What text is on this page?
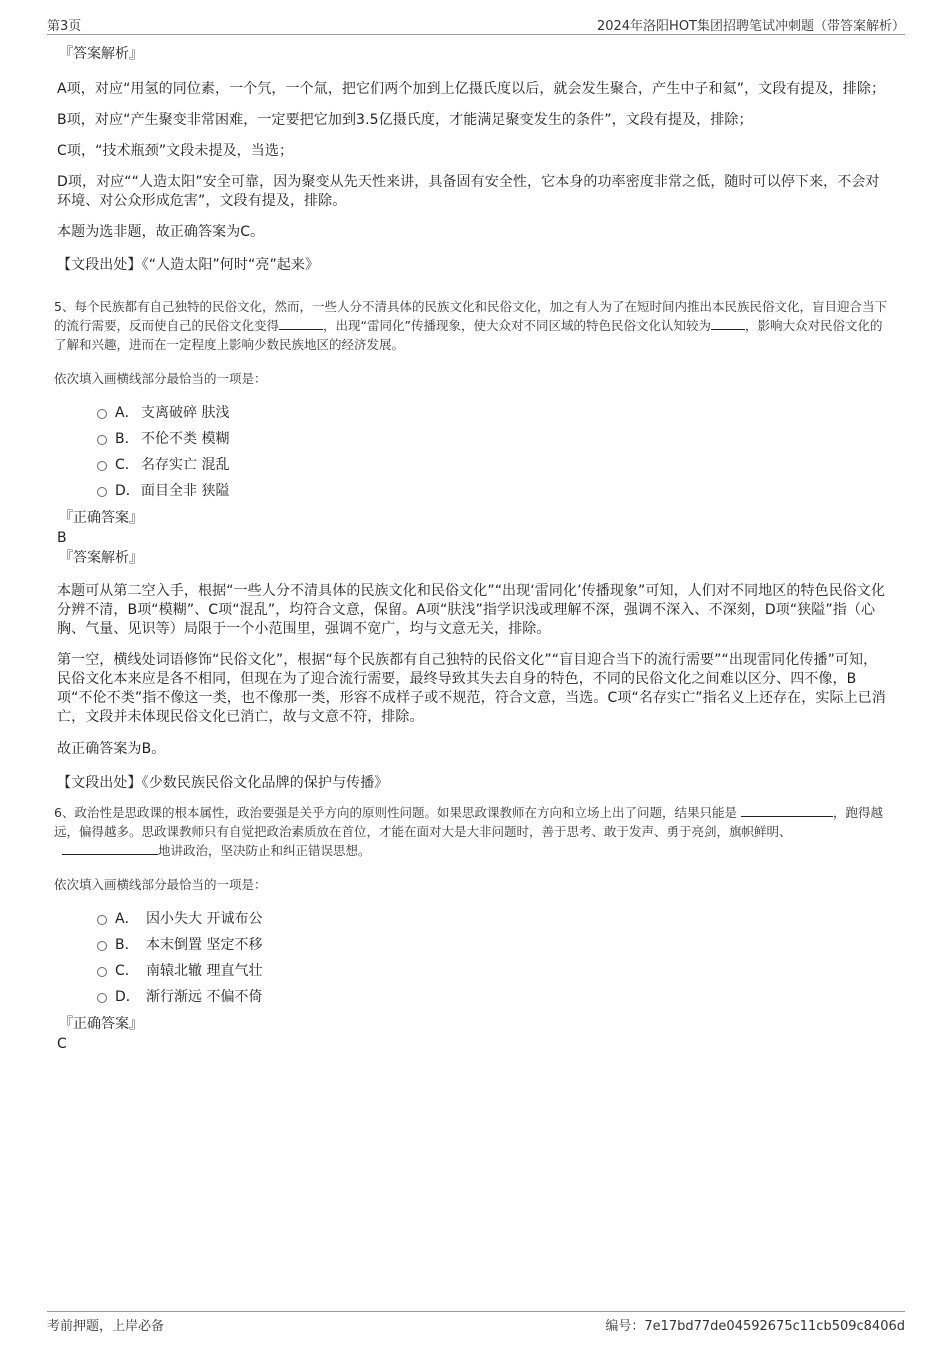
第3页	2024年洛阳HOT集团招聘笔试冲刺题（带答案解析）

『答案解析』

A项，对应“用氢的同位素，一个氕，一个氚，把它们两个加到上亿摄氏度以后，就会发生聚合，产生中子和氦”，文段有提及，排除；

B项，对应“产生聚变非常困难，一定要把它加到3.5亿摄氏度，才能满足聚变发生的条件”，文段有提及，排除；

C项，“技术瓶颈”文段未提及，当选；

D项，对应““人造太阳”安全可靠，因为聚变从先天性来讲，具备固有安全性，它本身的功率密度非常之低，随时可以停下来，不会对环境、对公众形成危害”，文段有提及，排除。

本题为选非题，故正确答案为C。

【文段出处】《“人造太阳”何时“亮”起来》

5、每个民族都有自己独特的民俗文化，然而，一些人分不清具体的民族文化和民俗文化，加之有人为了在短时间内推出本民族民俗文化，盲目迎合当下的流行需要，反而使自己的民俗文化变得	，出现“雷同化”传播现象，使大众对不同区域的特色民俗文化认知较为	，影响大众对民俗文化的了解和兴趣，进而在一定程度上影响少数民族地区的经济发展。

依次填入画横线部分最恰当的一项是：

A． 支离破碎 肤浅
B． 不伦不类 模糊
C． 名存实亡 混乱
D．面目全非 狭隘

『正确答案』

B

『答案解析』

本题可从第二空入手，根据“一些人分不清具体的民族文化和民俗文化”“出现‘雷同化’传播现象”可知，人们对不同地区的特色民俗文化分辨不清，B项“模糊”、C项“混乱”，均符合文意，保留。A项“肤浅”指学识浅或理解不深，强调不深入、不深刻，D项“狭隘”指（心胸、气量、见识等）局限于一个小范围里，强调不宽广，均与文意无关，排除。

第一空，横线处词语修饰“民俗文化”，根据“每个民族都有自己独特的民俗文化”“盲目迎合当下的流行需要”“出现雷同化传播”可知，民俗文化本来应是各不相同，但现在为了迎合流行需要，最终导致其失去自身的特色，不同的民俗文化之间难以区分、四不像，B项“不伦不类”指不像这一类，也不像那一类，形容不成样子或不规范，符合文意，当选。C项“名存实亡”指名义上还存在，实际上已消亡，文段并未体现民俗文化已消亡，故与文意不符，排除。

故正确答案为B。

【文段出处】《少数民族民俗文化品牌的保护与传播》

6、政治性是思政课的根本属性，政治要强是关乎方向的原则性问题。如果思政课教师在方向和立场上出了问题，结果只能是	，跑得越远，偏得越多。思政课教师只有自觉把政治素质放在首位，才能在面对大是大非问题时，善于思考、敢于发声、勇于亮剑，旗帜鲜明、地讲政治，坚决防止和纠正错误思想。

依次填入画横线部分最恰当的一项是：

A． 因小失大 开诚布公
B． 本末倒置 坚定不移
C． 南辕北辙 理直气壮
D． 渐行渐远 不偏不倚

『正确答案』

C

考前押题，上岸必备	编号：7e17bd77de04592675c11cb509c8406d
